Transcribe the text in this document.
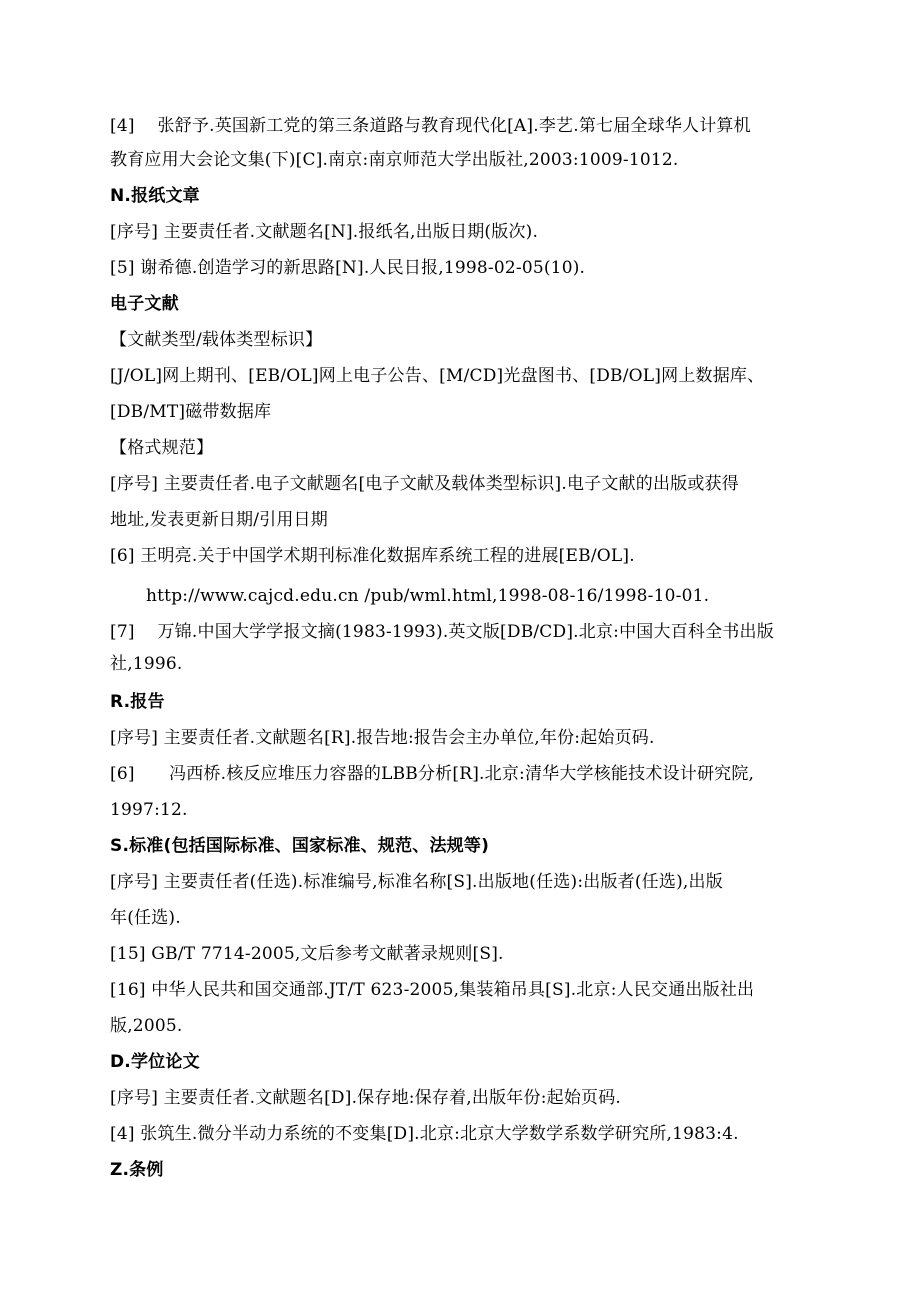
[4]　 张舒予.英国新工党的第三条道路与教育现代化[A].李艺.第七届全球华人计算机
教育应用大会论文集(下)[C].南京:南京师范大学出版社,2003:1009-1012.
N.报纸文章
[序号] 主要责任者.文献题名[N].报纸名,出版日期(版次).
[5] 谢希德.创造学习的新思路[N].人民日报,1998-02-05(10).
电子文献
【文献类型/载体类型标识】
[J/OL]网上期刊、[EB/OL]网上电子公告、[M/CD]光盘图书、[DB/OL]网上数据库、
[DB/MT]磁带数据库
【格式规范】
[序号] 主要责任者.电子文献题名[电子文献及载体类型标识].电子文献的出版或获得
地址,发表更新日期/引用日期
[6] 王明亮.关于中国学术期刊标准化数据库系统工程的进展[EB/OL].
http://www.cajcd.edu.cn /pub/wml.html,1998-08-16/1998-10-01.
[7]　 万锦.中国大学学报文摘(1983-1993).英文版[DB/CD].北京:中国大百科全书出版
社,1996.
R.报告
[序号] 主要责任者.文献题名[R].报告地:报告会主办单位,年份:起始页码.
[6]　　冯西桥.核反应堆压力容器的LBB分析[R].北京:清华大学核能技术设计研究院,
1997:12.
S.标准(包括国际标准、国家标准、规范、法规等)
[序号] 主要责任者(任选).标准编号,标准名称[S].出版地(任选):出版者(任选),出版
年(任选).
[15] GB/T 7714-2005,文后参考文献著录规则[S].
[16] 中华人民共和国交通部.JT/T 623-2005,集装箱吊具[S].北京:人民交通出版社出
版,2005.
D.学位论文
[序号] 主要责任者.文献题名[D].保存地:保存着,出版年份:起始页码.
[4] 张筑生.微分半动力系统的不变集[D].北京:北京大学数学系数学研究所,1983:4.
Z.条例
